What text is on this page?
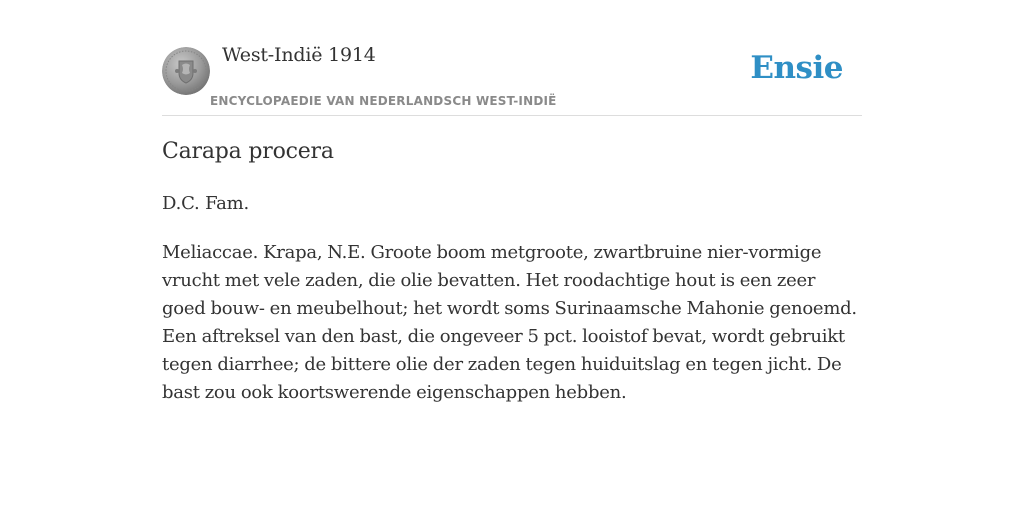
West-Indië 1914
ENCYCLOPAEDIE VAN NEDERLANDSCH WEST-INDIË
Ensie
Carapa procera

D.C. Fam.

Meliaccae. Krapa, N.E. Groote boom metgroote, zwartbruine nier-vormige vrucht met vele zaden, die olie bevatten. Het roodachtige hout is een zeer goed bouw- en meubelhout; het wordt soms Surinaamsche Mahonie genoemd. Een aftreksel van den bast, die ongeveer 5 pct. looistof bevat, wordt gebruikt tegen diarrhee; de bittere olie der zaden tegen huiduitslag en tegen jicht. De bast zou ook koortswerende eigenschappen hebben.
